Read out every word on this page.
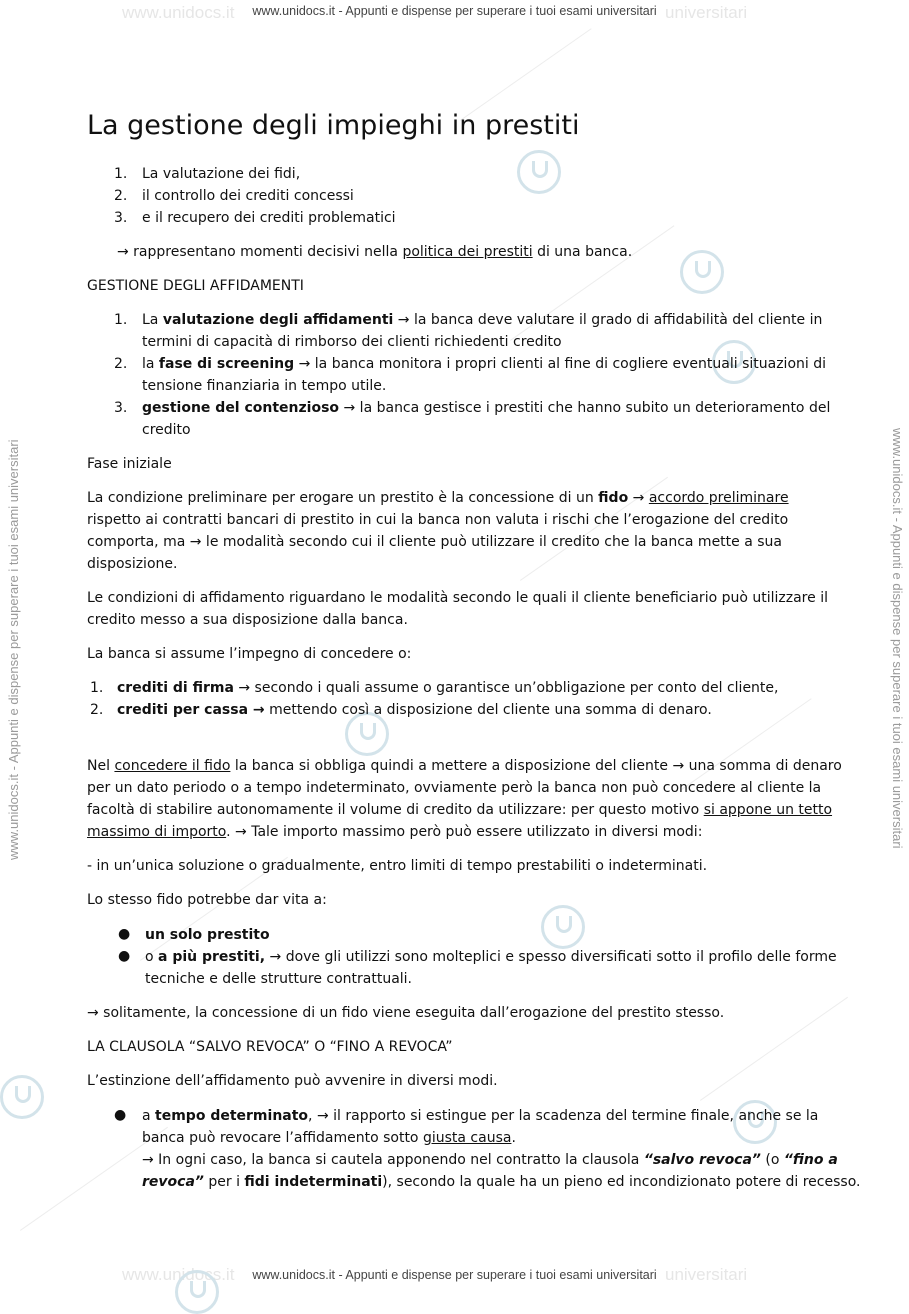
www.unidocs.it	universitari
www.unidocs.it	universitari
www.unidocs.it - Appunti e dispense per superare i tuoi esami universitari	www.unidocs.it - Appunti e dispense per superare i tuoi esami universitari
www.unidocs.it - Appunti e dispense per superare i tuoi esami universitari
www.unidocs.it - Appunti e dispense per superare i tuoi esami universitari
La gestione degli impieghi in prestiti
1. La valutazione dei fidi,
2. il controllo dei crediti concessi
3. e il recupero dei crediti problematici
→ rappresentano momenti decisivi nella politica dei prestiti di una banca.
GESTIONE DEGLI AFFIDAMENTI
1. La valutazione degli affidamenti → la banca deve valutare il grado di affidabilità del cliente in
termini di capacità di rimborso dei clienti richiedenti credito
2. la fase di screening → la banca monitora i propri clienti al fine di cogliere eventuali situazioni di
tensione finanziaria in tempo utile.
3. gestione del contenzioso → la banca gestisce i prestiti che hanno subito un deterioramento del
credito
Fase iniziale
La condizione preliminare per erogare un prestito è la concessione di un fido → accordo preliminare
rispetto ai contratti bancari di prestito in cui la banca non valuta i rischi che l’erogazione del credito
comporta, ma → le modalità secondo cui il cliente può utilizzare il credito che la banca mette a sua
disposizione.
Le condizioni di affidamento riguardano le modalità secondo le quali il cliente beneficiario può utilizzare il
credito messo a sua disposizione dalla banca.
La banca si assume l’impegno di concedere o:
1. crediti di firma → secondo i quali assume o garantisce un’obbligazione per conto del cliente,
2. crediti per cassa → mettendo così a disposizione del cliente una somma di denaro.
Nel concedere il fido la banca si obbliga quindi a mettere a disposizione del cliente → una somma di denaro
per un dato periodo o a tempo indeterminato, ovviamente però la banca non può concedere al cliente la
facoltà di stabilire autonomamente il volume di credito da utilizzare: per questo motivo si appone un tetto
massimo di importo. → Tale importo massimo però può essere utilizzato in diversi modi:
- in un’unica soluzione o gradualmente, entro limiti di tempo prestabiliti o indeterminati.
Lo stesso fido potrebbe dar vita a:
● un solo prestito
● o a più prestiti, → dove gli utilizzi sono molteplici e spesso diversificati sotto il profilo delle forme
tecniche e delle strutture contrattuali.
→ solitamente, la concessione di un fido viene eseguita dall’erogazione del prestito stesso.
LA CLAUSOLA “SALVO REVOCA” O “FINO A REVOCA”
L’estinzione dell’affidamento può avvenire in diversi modi.
● a tempo determinato, → il rapporto si estingue per la scadenza del termine finale, anche se la
banca può revocare l’affidamento sotto giusta causa.
→ In ogni caso, la banca si cautela apponendo nel contratto la clausola “salvo revoca” (o “fino a
revoca” per i fidi indeterminati), secondo la quale ha un pieno ed incondizionato potere di recesso.
